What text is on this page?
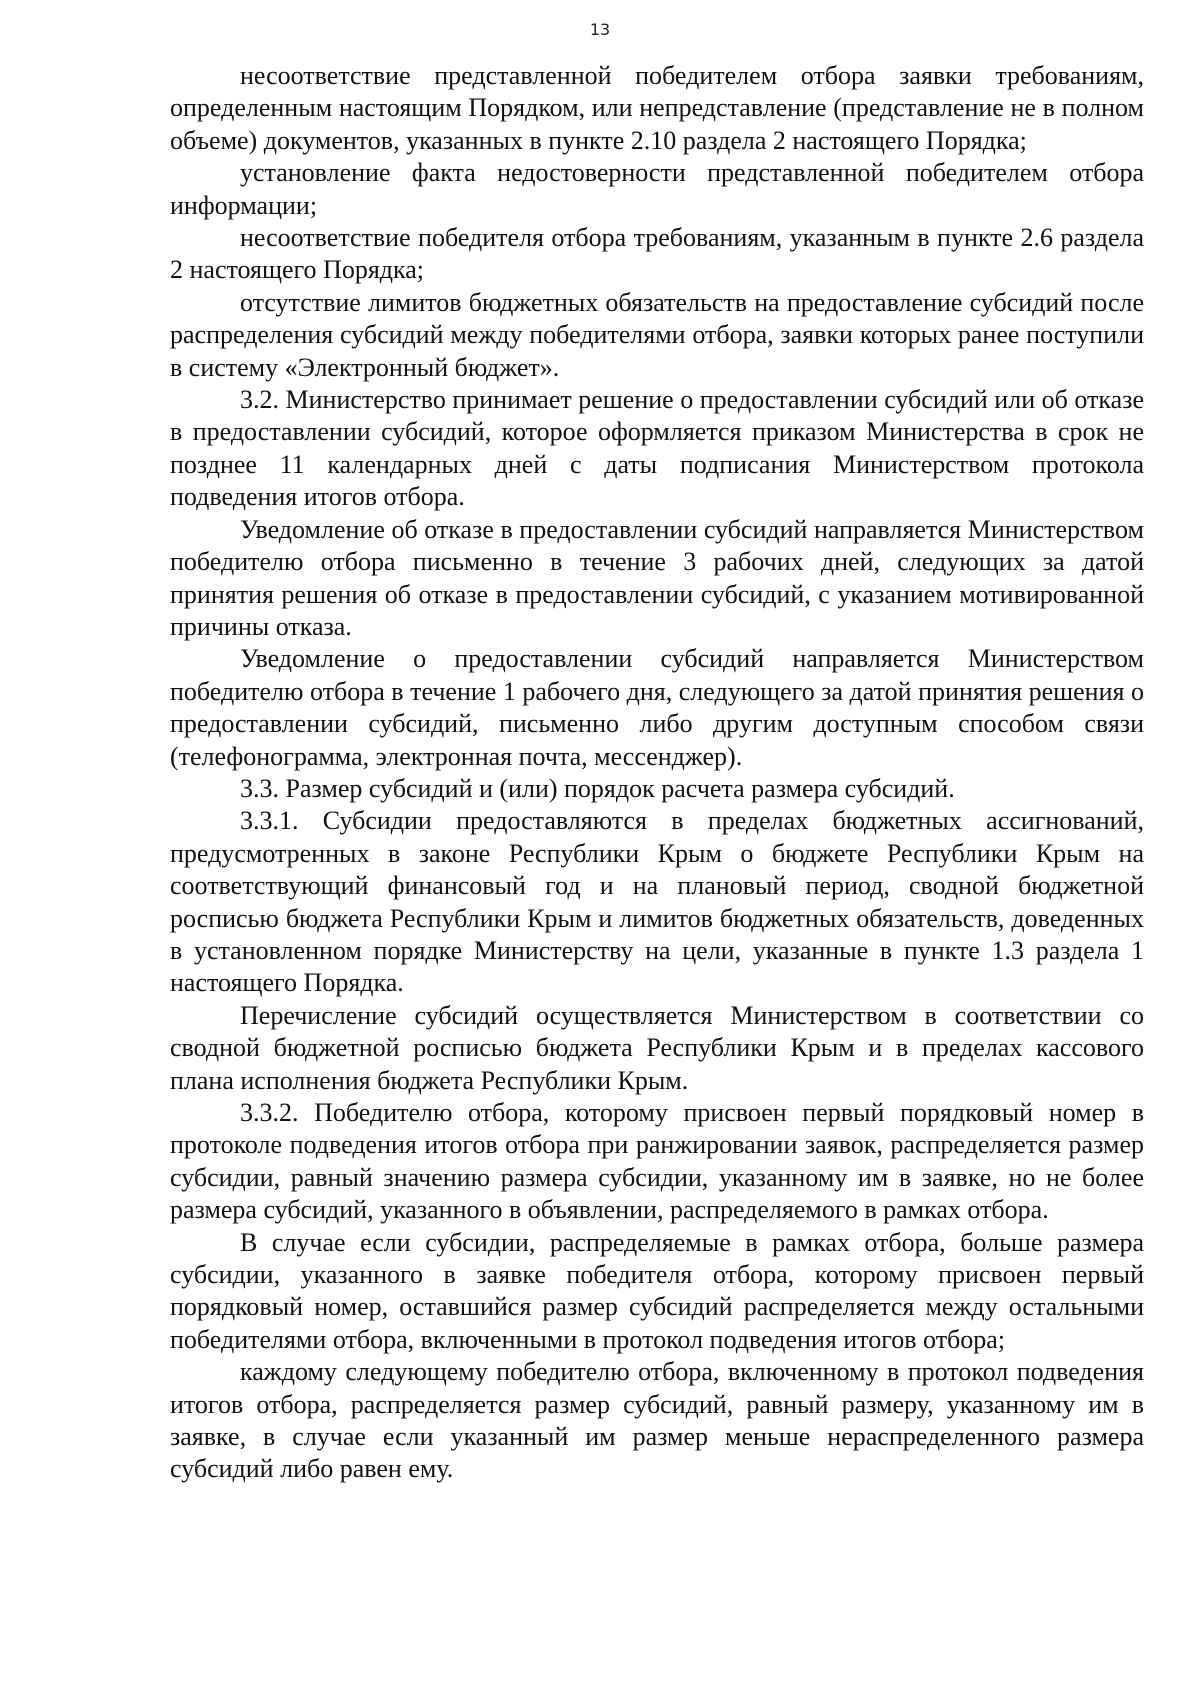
13

несоответствие представленной победителем отбора заявки требованиям, определенным настоящим Порядком, или непредставление (представление не в полном объеме) документов, указанных в пункте 2.10 раздела 2 настоящего Порядка;

установление факта недостоверности представленной победителем отбора информации;

несоответствие победителя отбора требованиям, указанным в пункте 2.6 раздела 2 настоящего Порядка;

отсутствие лимитов бюджетных обязательств на предоставление субсидий после распределения субсидий между победителями отбора, заявки которых ранее поступили в систему «Электронный бюджет».

3.2. Министерство принимает решение о предоставлении субсидий или об отказе в предоставлении субсидий, которое оформляется приказом Министерства в срок не позднее 11 календарных дней с даты подписания Министерством протокола подведения итогов отбора.

Уведомление об отказе в предоставлении субсидий направляется Министерством победителю отбора письменно в течение 3 рабочих дней, следующих за датой принятия решения об отказе в предоставлении субсидий, с указанием мотивированной причины отказа.

Уведомление о предоставлении субсидий направляется Министерством победителю отбора в течение 1 рабочего дня, следующего за датой принятия решения о предоставлении субсидий, письменно либо другим доступным способом связи (телефонограмма, электронная почта, мессенджер).

3.3. Размер субсидий и (или) порядок расчета размера субсидий.

3.3.1. Субсидии предоставляются в пределах бюджетных ассигнований, предусмотренных в законе Республики Крым о бюджете Республики Крым на соответствующий финансовый год и на плановый период, сводной бюджетной росписью бюджета Республики Крым и лимитов бюджетных обязательств, доведенных в установленном порядке Министерству на цели, указанные в пункте 1.3 раздела 1 настоящего Порядка.

Перечисление субсидий осуществляется Министерством в соответствии со сводной бюджетной росписью бюджета Республики Крым и в пределах кассового плана исполнения бюджета Республики Крым.

3.3.2. Победителю отбора, которому присвоен первый порядковый номер в протоколе подведения итогов отбора при ранжировании заявок, распределяется размер субсидии, равный значению размера субсидии, указанному им в заявке, но не более размера субсидий, указанного в объявлении, распределяемого в рамках отбора.

В случае если субсидии, распределяемые в рамках отбора, больше размера субсидии, указанного в заявке победителя отбора, которому присвоен первый порядковый номер, оставшийся размер субсидий распределяется между остальными победителями отбора, включенными в протокол подведения итогов отбора;

каждому следующему победителю отбора, включенному в протокол подведения итогов отбора, распределяется размер субсидий, равный размеру, указанному им в заявке, в случае если указанный им размер меньше нераспределенного размера субсидий либо равен ему.
